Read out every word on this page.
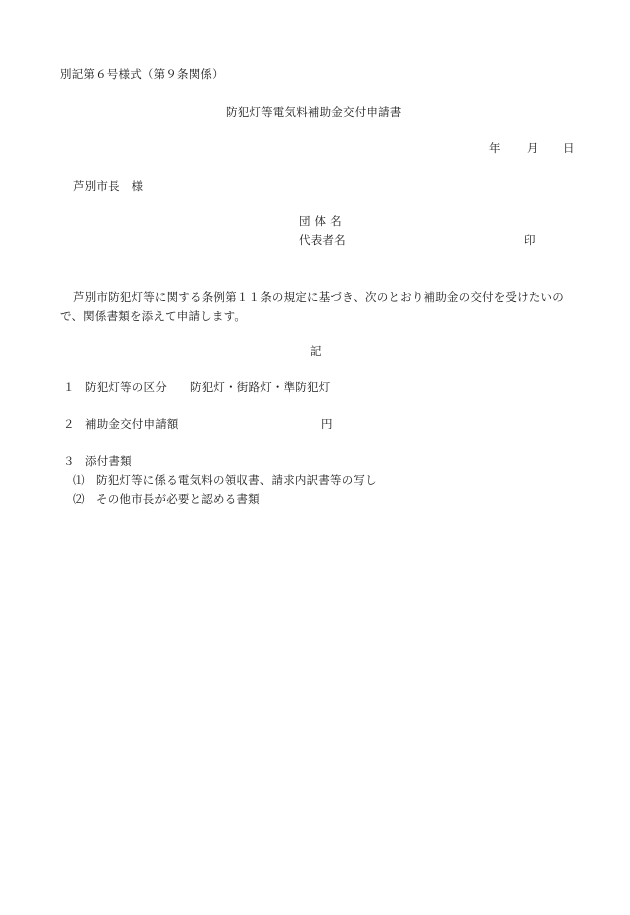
別記第６号様式（第９条関係）
防犯灯等電気料補助金交付申請書
年 月 日
芦別市長　様
団 体 名
代表者名	印
芦別市防犯灯等に関する条例第１１条の規定に基づき、次のとおり補助金の交付を受けたいの
で、関係書類を添えて申請します。
記
１ 防犯灯等の区分 防犯灯・街路灯・準防犯灯
２ 補助金交付申請額	円
３ 添付書類
⑴ 防犯灯等に係る電気料の領収書、請求内訳書等の写し
⑵ その他市長が必要と認める書類
